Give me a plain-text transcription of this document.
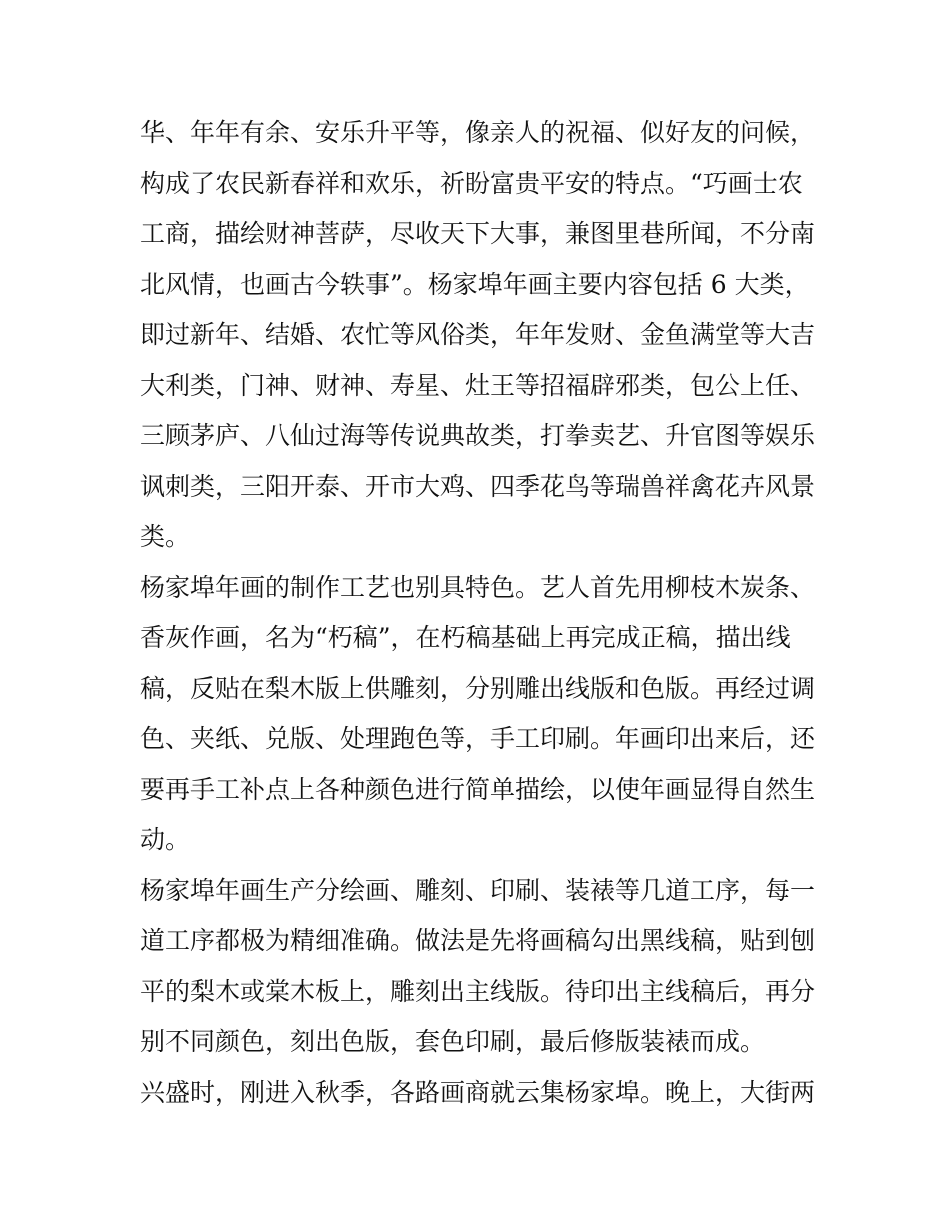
华、年年有余、安乐升平等，像亲人的祝福、似好友的问候，
构成了农民新春祥和欢乐，祈盼富贵平安的特点。“巧画士农
工商，描绘财神菩萨，尽收天下大事，兼图里巷所闻，不分南
北风情，也画古今轶事”。杨家埠年画主要内容包括 6 大类，
即过新年、结婚、农忙等风俗类，年年发财、金鱼满堂等大吉
大利类，门神、财神、寿星、灶王等招福辟邪类，包公上任、
三顾茅庐、八仙过海等传说典故类，打拳卖艺、升官图等娱乐
讽刺类，三阳开泰、开市大鸡、四季花鸟等瑞兽祥禽花卉风景
类。
杨家埠年画的制作工艺也别具特色。艺人首先用柳枝木炭条、
香灰作画，名为“朽稿”，在朽稿基础上再完成正稿，描出线
稿，反贴在梨木版上供雕刻，分别雕出线版和色版。再经过调
色、夹纸、兑版、处理跑色等，手工印刷。年画印出来后，还
要再手工补点上各种颜色进行简单描绘，以使年画显得自然生
动。
杨家埠年画生产分绘画、雕刻、印刷、装裱等几道工序，每一
道工序都极为精细准确。做法是先将画稿勾出黑线稿，贴到刨
平的梨木或棠木板上，雕刻出主线版。待印出主线稿后，再分
别不同颜色，刻出色版，套色印刷，最后修版装裱而成。
兴盛时，刚进入秋季，各路画商就云集杨家埠。晚上，大街两
